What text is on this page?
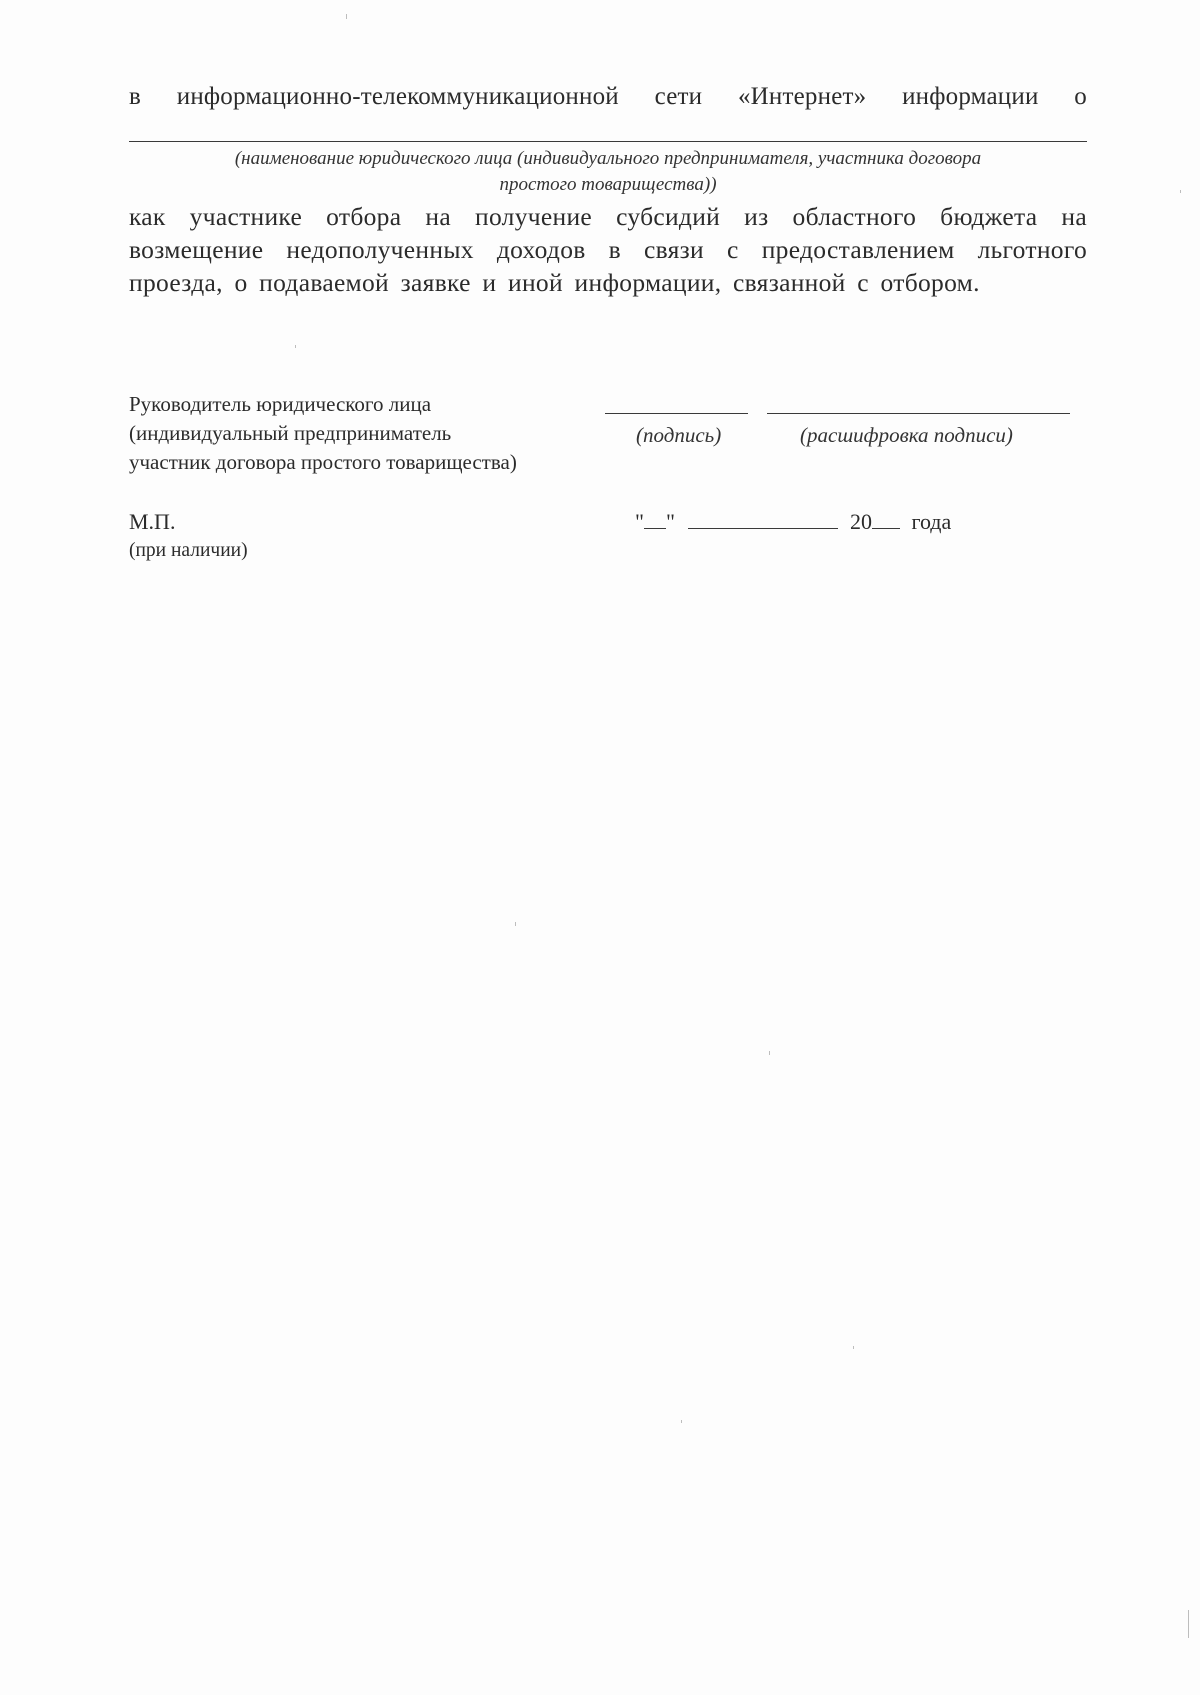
в информационно-телекоммуникационной сети «Интернет» информации о
(наименование юридического лица (индивидуального предпринимателя, участника договора
простого товарищества))
как участнике отбора на получение субсидий из областного бюджета на возмещение недополученных доходов в связи с предоставлением льготного проезда, о подаваемой заявке и иной информации, связанной с отбором.
Руководитель юридического лица
(индивидуальный предприниматель
участник договора простого товарищества)
(подпись)	(расшифровка подписи)
М.П.
(при наличии)
" "	20 года
